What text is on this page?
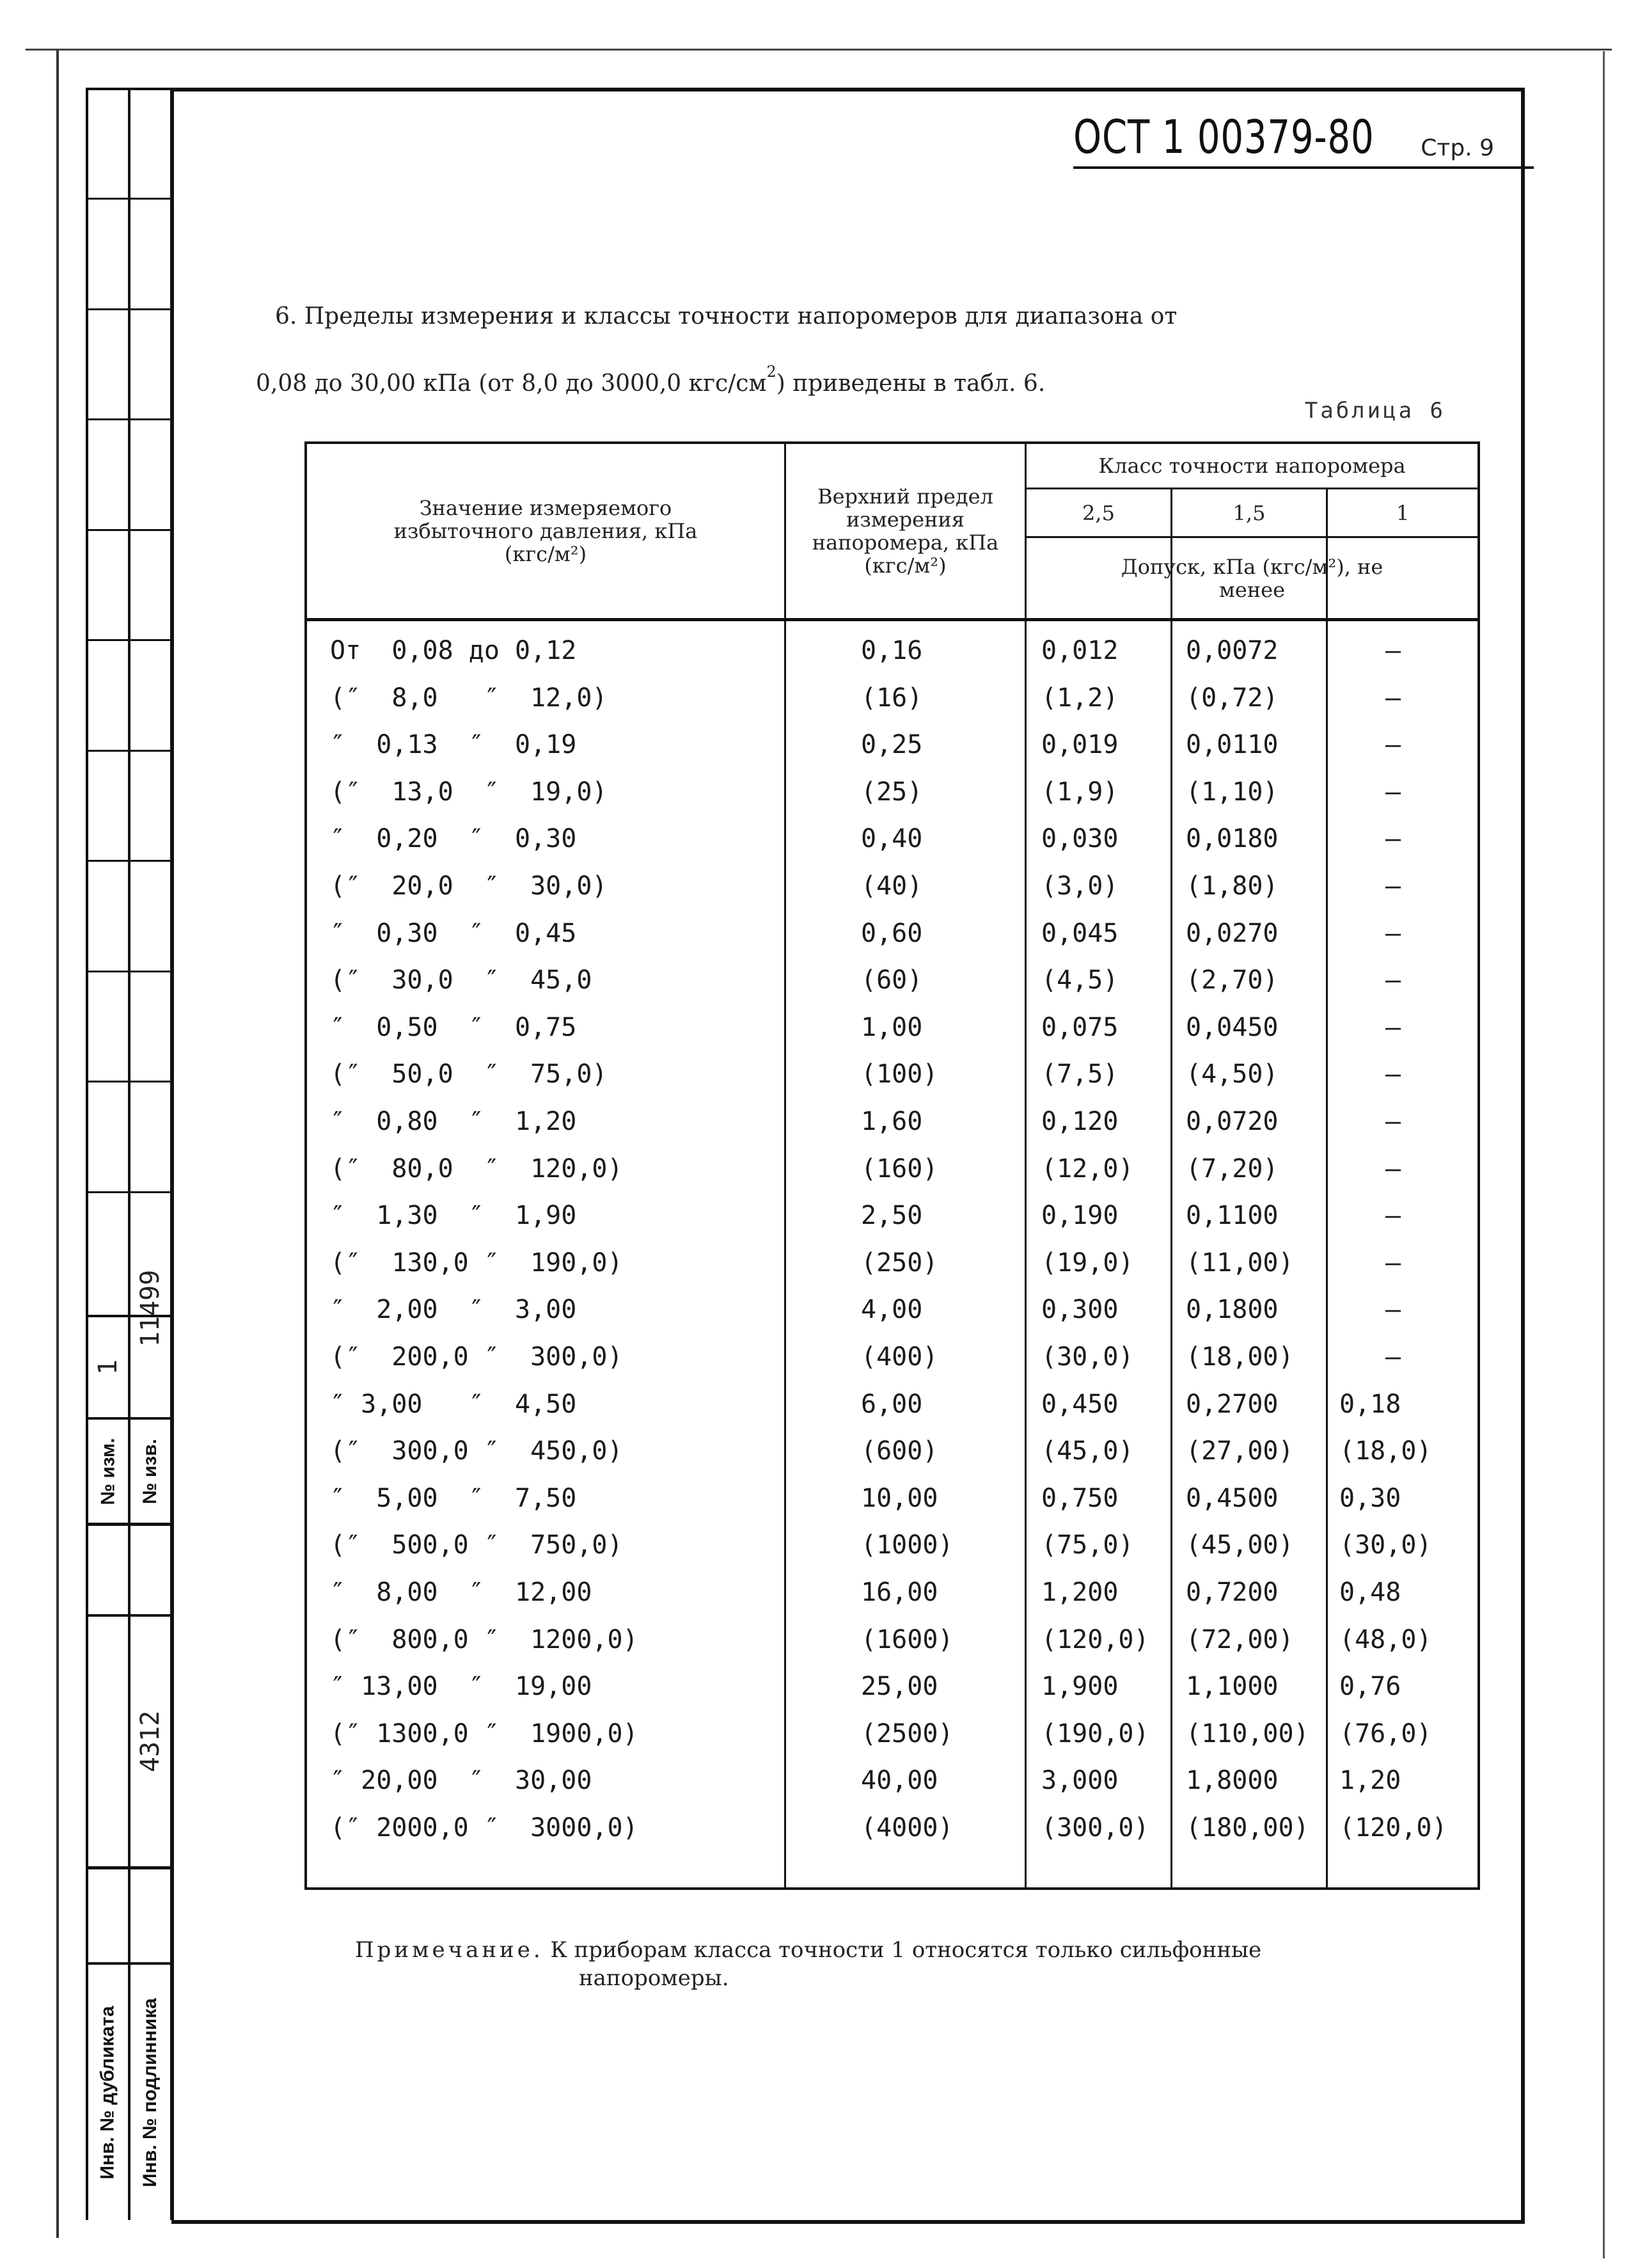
1
11499
№ изм. № изв.
4312
Инв. № дубликата Инв. № подлинника
ОСТ 1 00379-80 Стр. 9
6. Пределы измерения и классы точности напоромеров для диапазона от
0,08 до 30,00 кПа (от 8,0 до 3000,0 кгс/$см^2$) приведены в табл. 6.
Таблица 6
Значение измеряемого избыточного давления, кПа (кгс/м²)
Верхний предел измерения напоромера, кПа (кгс/м²)
Класс точности напоромера
2,5	1,5	1
Допуск, кПа (кгс/м²), не менее
От  0,08 до 0,12	0,16	0,012	0,0072	–
(″  8,0   ″  12,0)	(16)	(1,2)	(0,72)	–
″  0,13  ″  0,19	0,25	0,019	0,0110	–
(″  13,0  ″  19,0)	(25)	(1,9)	(1,10)	–
″  0,20  ″  0,30	0,40	0,030	0,0180	–
(″  20,0  ″  30,0)	(40)	(3,0)	(1,80)	–
″  0,30  ″  0,45	0,60	0,045	0,0270	–
(″  30,0  ″  45,0	(60)	(4,5)	(2,70)	–
″  0,50  ″  0,75	1,00	0,075	0,0450	–
(″  50,0  ″  75,0)	(100)	(7,5)	(4,50)	–
″  0,80  ″  1,20	1,60	0,120	0,0720	–
(″  80,0  ″  120,0)	(160)	(12,0) (7,20)	–
″  1,30  ″  1,90	2,50	0,190	0,1100	–
(″  130,0 ″  190,0)	(250)	(19,0) (11,00)	–
″  2,00  ″  3,00	4,00	0,300	0,1800	–
(″  200,0 ″  300,0)	(400)	(30,0) (18,00)	–
″ 3,00   ″  4,50	6,00	0,450	0,2700 0,18
(″  300,0 ″  450,0)	(600)	(45,0) (27,00) (18,0)
″  5,00  ″  7,50	10,00	0,750	0,4500 0,30
(″  500,0 ″  750,0)	(1000)	(75,0) (45,00) (30,0)
″  8,00  ″  12,00	16,00	1,200	0,7200 0,48
(″  800,0 ″  1200,0)	(1600)	(120,0) (72,00) (48,0)
″ 13,00  ″  19,00	25,00	1,900	1,1000 0,76
(″ 1300,0 ″  1900,0)	(2500)	(190,0) (110,00) (76,0)
″ 20,00  ″  30,00	40,00	3,000	1,8000 1,20
(″ 2000,0 ″  3000,0)	(4000)	(300,0) (180,00) (120,0)
Примечание. К приборам класса точности 1 относятся только сильфонные
напоромеры.
